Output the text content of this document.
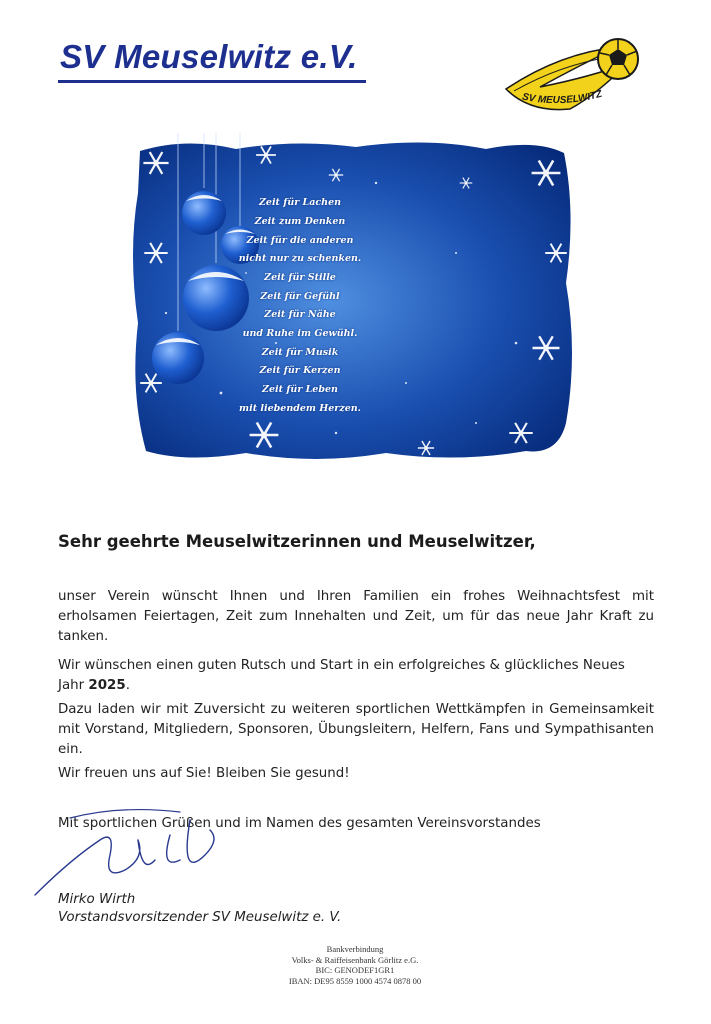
SV Meuselwitz e.V.
SV MEUSELWITZ
Zeit für Lachen
Zeit zum Denken
Zeit für die anderen
nicht nur zu schenken.
Zeit für Stille
Zeit für Gefühl
Zeit für Nähe
und Ruhe im Gewühl.
Zeit für Musik
Zeit für Kerzen
Zeit für Leben
mit liebendem Herzen.
Sehr geehrte Meuselwitzerinnen und Meuselwitzer,
unser Verein wünscht Ihnen und Ihren Familien ein frohes Weihnachtsfest mit erholsamen Feiertagen, Zeit zum Innehalten und Zeit, um für das neue Jahr Kraft zu tanken.
Wir wünschen einen guten Rutsch und Start in ein erfolgreiches & glückliches Neues Jahr 2025.
Dazu laden wir mit Zuversicht zu weiteren sportlichen Wettkämpfen in Gemeinsamkeit mit Vorstand, Mitgliedern, Sponsoren, Übungsleitern, Helfern, Fans und Sympathisanten ein.
Wir freuen uns auf Sie! Bleiben Sie gesund!
Mit sportlichen Grüßen und im Namen des gesamten Vereinsvorstandes
Mirko Wirth
Vorstandsvorsitzender SV Meuselwitz e. V.
Bankverbindung
Volks- & Raiffeisenbank Görlitz e.G.
BIC: GENODEF1GR1
IBAN: DE95 8559 1000 4574 0878 00
